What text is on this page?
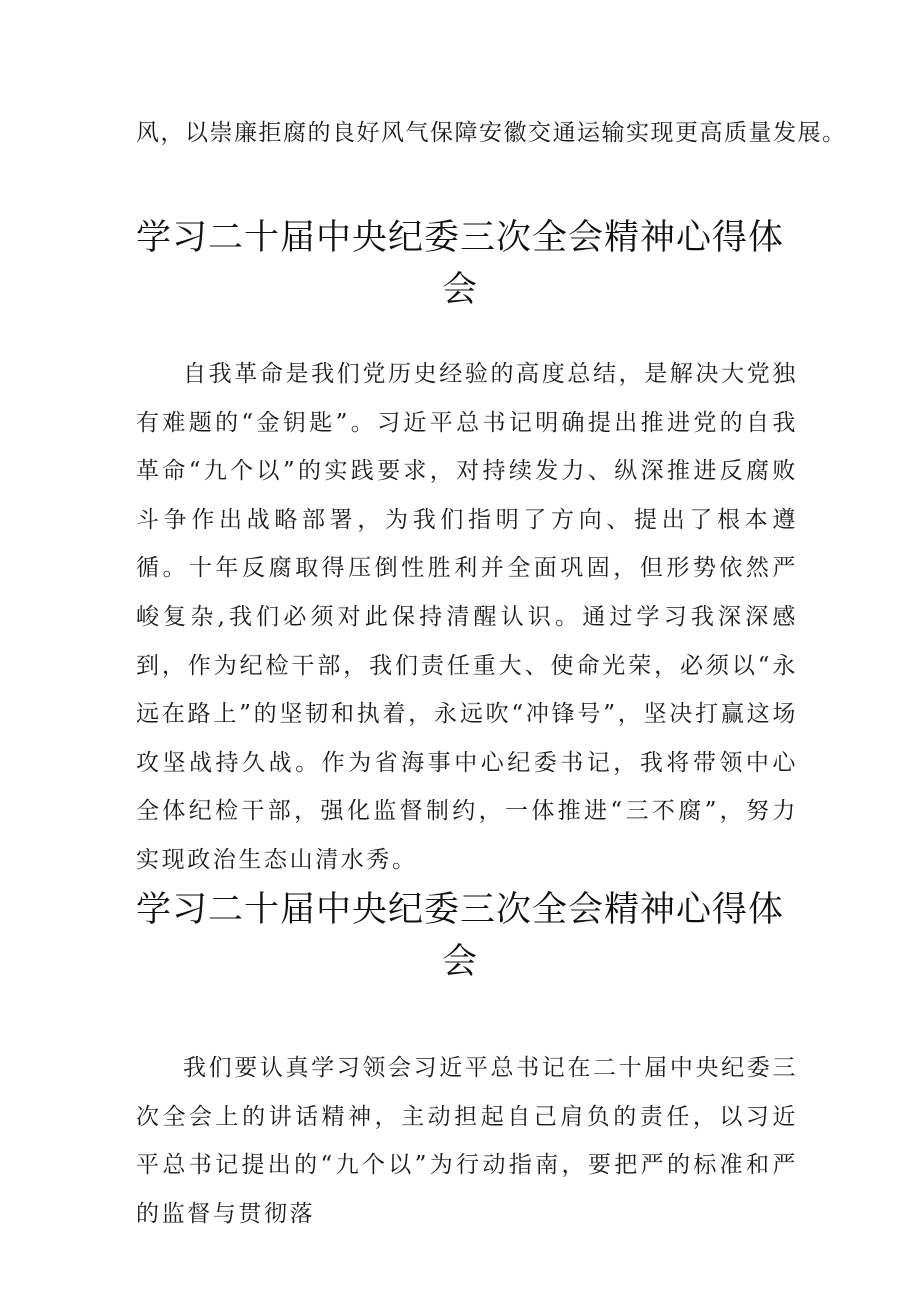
风，以崇廉拒腐的良好风气保障安徽交通运输实现更高质量发展。
学习二十届中央纪委三次全会精神心得体会

自我革命是我们党历史经验的高度总结，是解决大党独有难题的“金钥匙”。习近平总书记明确提出推进党的自我革命“九个以”的实践要求，对持续发力、纵深推进反腐败斗争作出战略部署，为我们指明了方向、提出了根本遵循。十年反腐取得压倒性胜利并全面巩固，但形势依然严峻复杂,我们必须对此保持清醒认识。通过学习我深深感到，作为纪检干部，我们责任重大、使命光荣，必须以“永远在路上”的坚韧和执着，永远吹“冲锋号”，坚决打赢这场攻坚战持久战。作为省海事中心纪委书记，我将带领中心全体纪检干部，强化监督制约，一体推进“三不腐”，努力实现政治生态山清水秀。

学习二十届中央纪委三次全会精神心得体会

我们要认真学习领会习近平总书记在二十届中央纪委三次全会上的讲话精神，主动担起自己肩负的责任，以习近平总书记提出的“九个以”为行动指南，要把严的标准和严的监督与贯彻落
